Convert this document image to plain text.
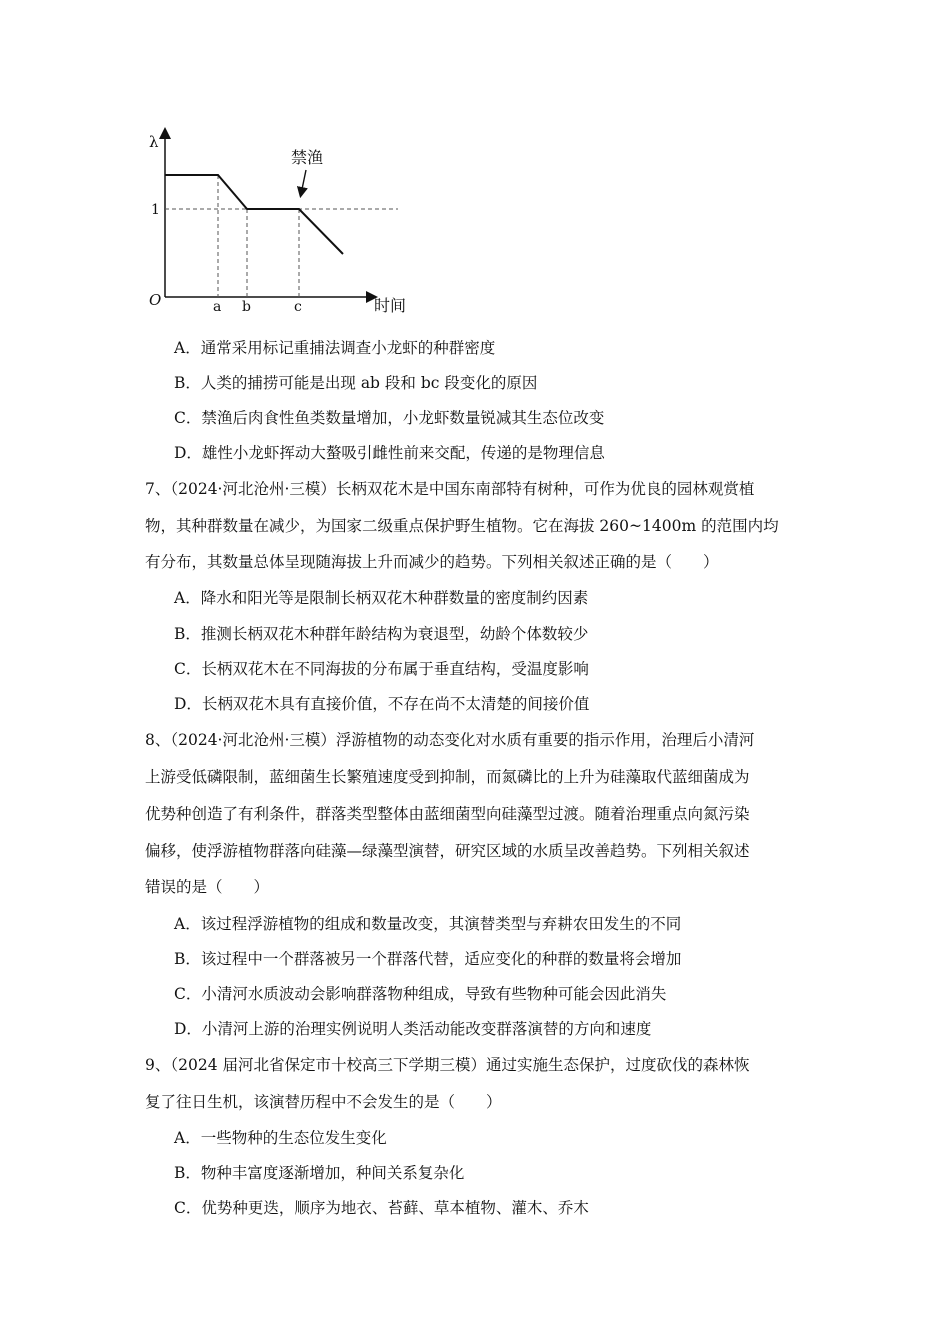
λ
1
O	时间
a b	c
禁渔
A．通常采用标记重捕法调查小龙虾的种群密度
B．人类的捕捞可能是出现 ab 段和 bc 段变化的原因
C．禁渔后肉食性鱼类数量增加，小龙虾数量锐减其生态位改变
D．雄性小龙虾挥动大螯吸引雌性前来交配，传递的是物理信息
7、（2024·河北沧州·三模）长柄双花木是中国东南部特有树种，可作为优良的园林观赏植
物，其种群数量在减少，为国家二级重点保护野生植物。它在海拔 260~1400m 的范围内均
有分布，其数量总体呈现随海拔上升而减少的趋势。下列相关叙述正确的是（　　）
A．降水和阳光等是限制长柄双花木种群数量的密度制约因素
B．推测长柄双花木种群年龄结构为衰退型，幼龄个体数较少
C．长柄双花木在不同海拔的分布属于垂直结构，受温度影响
D．长柄双花木具有直接价值，不存在尚不太清楚的间接价值
8、（2024·河北沧州·三模）浮游植物的动态变化对水质有重要的指示作用，治理后小清河
上游受低磷限制，蓝细菌生长繁殖速度受到抑制，而氮磷比的上升为硅藻取代蓝细菌成为
优势种创造了有利条件，群落类型整体由蓝细菌型向硅藻型过渡。随着治理重点向氮污染
偏移，使浮游植物群落向硅藻—绿藻型演替，研究区域的水质呈改善趋势。下列相关叙述
错误的是（　　）
A．该过程浮游植物的组成和数量改变，其演替类型与弃耕农田发生的不同
B．该过程中一个群落被另一个群落代替，适应变化的种群的数量将会增加
C．小清河水质波动会影响群落物种组成，导致有些物种可能会因此消失
D．小清河上游的治理实例说明人类活动能改变群落演替的方向和速度
9、（2024 届河北省保定市十校高三下学期三模）通过实施生态保护，过度砍伐的森林恢
复了往日生机，该演替历程中不会发生的是（　　）
A．一些物种的生态位发生变化
B．物种丰富度逐渐增加，种间关系复杂化
C．优势种更迭，顺序为地衣、苔藓、草本植物、灌木、乔木
